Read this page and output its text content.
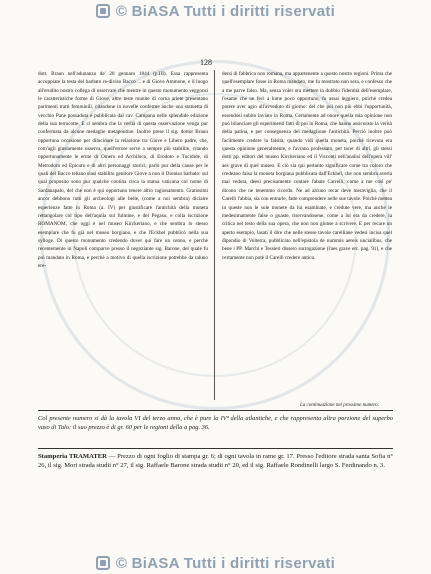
© BiASA Tutti i diritti riservati
128

dott. Braun nell'adunanza de' 28 gennaro 1844 (p.III). Essa rappresenta accoppiate la testa del barbato re-diviso Bacco ... e di Giove Ammone, e il luogo all'erudito nostro collega di osservare che mentre in questo monumento veggonsi le caratteristiche forme di Giove, altre teste munite di corna ariete presentano parimenti tratti femminili, citandone in novelle conferme anche una statuetta di vecchio Pane possaduta e pubblicata dal cav. Campana nelle splendide edizione della sua terracotte. E ci sembra che la verità di questa osservazione venga pur confermata da alcune medaglie metapontine. Inoltre prese il sig. dottor Braun opportuna occasione per dilucidare la relazione tra Giove e Libero padre, che, com'agli giustamente osserva, quell'errore serve a sempre più stabilire, citando opportunamente le erme di Omero ed Archiloco, di Erodoto e Tucidide, di Metrodoro ed Epicuro e di altri personaggi storici; parlò pur della cause per le quali del Bacco tebano siasi stabilito genitore Giove a non il Dioniso barbato: sul qual proposito sono pur qualche contina circa la statua vaticana col nome di Sardanapalo, del che non è qui opportuno tenere altro ragionamento. Gratissimi ancor debbono tutti gli archeologi alle belle, (come a noi sembra) diciaire esperienze fatte in Roma (a. IV) per giustificare l'antichità della moneta rettangolare col tipo dell'aquila sul fulmine, e del Pegaso, e colla iscrizione ROMANOM, che oggi è nel museo Kirckeriano, e che sembra lo stesso esemplare che fu già nel museo borgiano, e che l'Eckhel pubblicò nella sua sylloge. Di questo monumento credendo dover qui fare un cenno, e perchè recentemente in Napoli comparve presso il negoziante sig. Barone, del quale fu poi mandato in Roma, e perchè a motivo di quella iscrizione potrebbe da taluno ere-

dersi di fabbrica non romana, ma appartenente a questo nostro regioni. Prima che quell'esemplare fosse in Roma mandato, me fu mostrato non sera, e confesso che a me parve falso. Ma, senza voler ora mettere in dubbio l'identità dell'esemplare, l'esame che ne feci a lume poco opportuno, fu assai leggiero, poichè credea potere aver agio all'avveduto di giorno: del che poi non più ebbi l'opportunità, essendosi subito inviato in Roma. Certamente ad onore quella mia opinione non può bilanciare gli esperimenti fatti di poi in Roma, che hanno assicurato la verità della patina, e per conseguenza del medaglione l'antichità. Perciò inoltre può facilmente credere la falsità, quando vidi quella moneta, poichè ricevuta era questa opinione generalmente, e l'avrano professato, per tacer di altri, gli stessi dotti pp. editori del museo Kirckeriano ed il Visconti nell'analisi dell'opera vill' aes grave di quel museo. E ciò sia qui pertanto significare come tra coloro che credeano falsa la moneta borgiana pubblicata dall'Eckhel, che non sembra averla mai veduta, deesi precisamente contare l'abate Carrelli, come a me così pe' dicono che ne tenemmo ricordo. Ne ad alcuno recar deve meraviglia, che il Carelli l'abbia, sia con entrarle, fatte comprendere nelle sue tavole. Poichè mettea in queste non le sole monete da lui esaminate, e credute vere, ma anche le medesimamente false o guaste, riservandosene, come a lui era da credere, la critica nel testo della sua opera, che non non giunse a scrivere. E per recare un aperto esempio, lasati il dire che nelle stesse tavole carelliane vedesi incisa quel dipondio di Volterra, pubblicato nell'epistola de nummis aereis uncialibus, che bene i PP. Marchi e Tessieri dissero surrogazione (l'aes grave etc. pag. 91), e che certamente non potè il Carelli credere antico.

La continuazione nel prossimo numero.
Col presente numero si dà la tavola VI del terzo anno, che è pure la IVª della atlantiche, e che rappresenta altra porzione del superbo vaso di Talo: il suo prezzo è di gr. 60 per le regioni della a pag. 36.
Stamperia TRAMATER — Prezzo di ogni foglio di stampa gr. 6; di ogni tavola in rame gr. 17. Presso l'editore strada santa Sofia n° 26, il sig. Mori strada studii n° 27, il sig. Raffaele Barone strada studii n° 20, ed il sig. Raffaele Rondinelli largo S. Ferdinando n. 3.
© BiASA Tutti i diritti riservati
